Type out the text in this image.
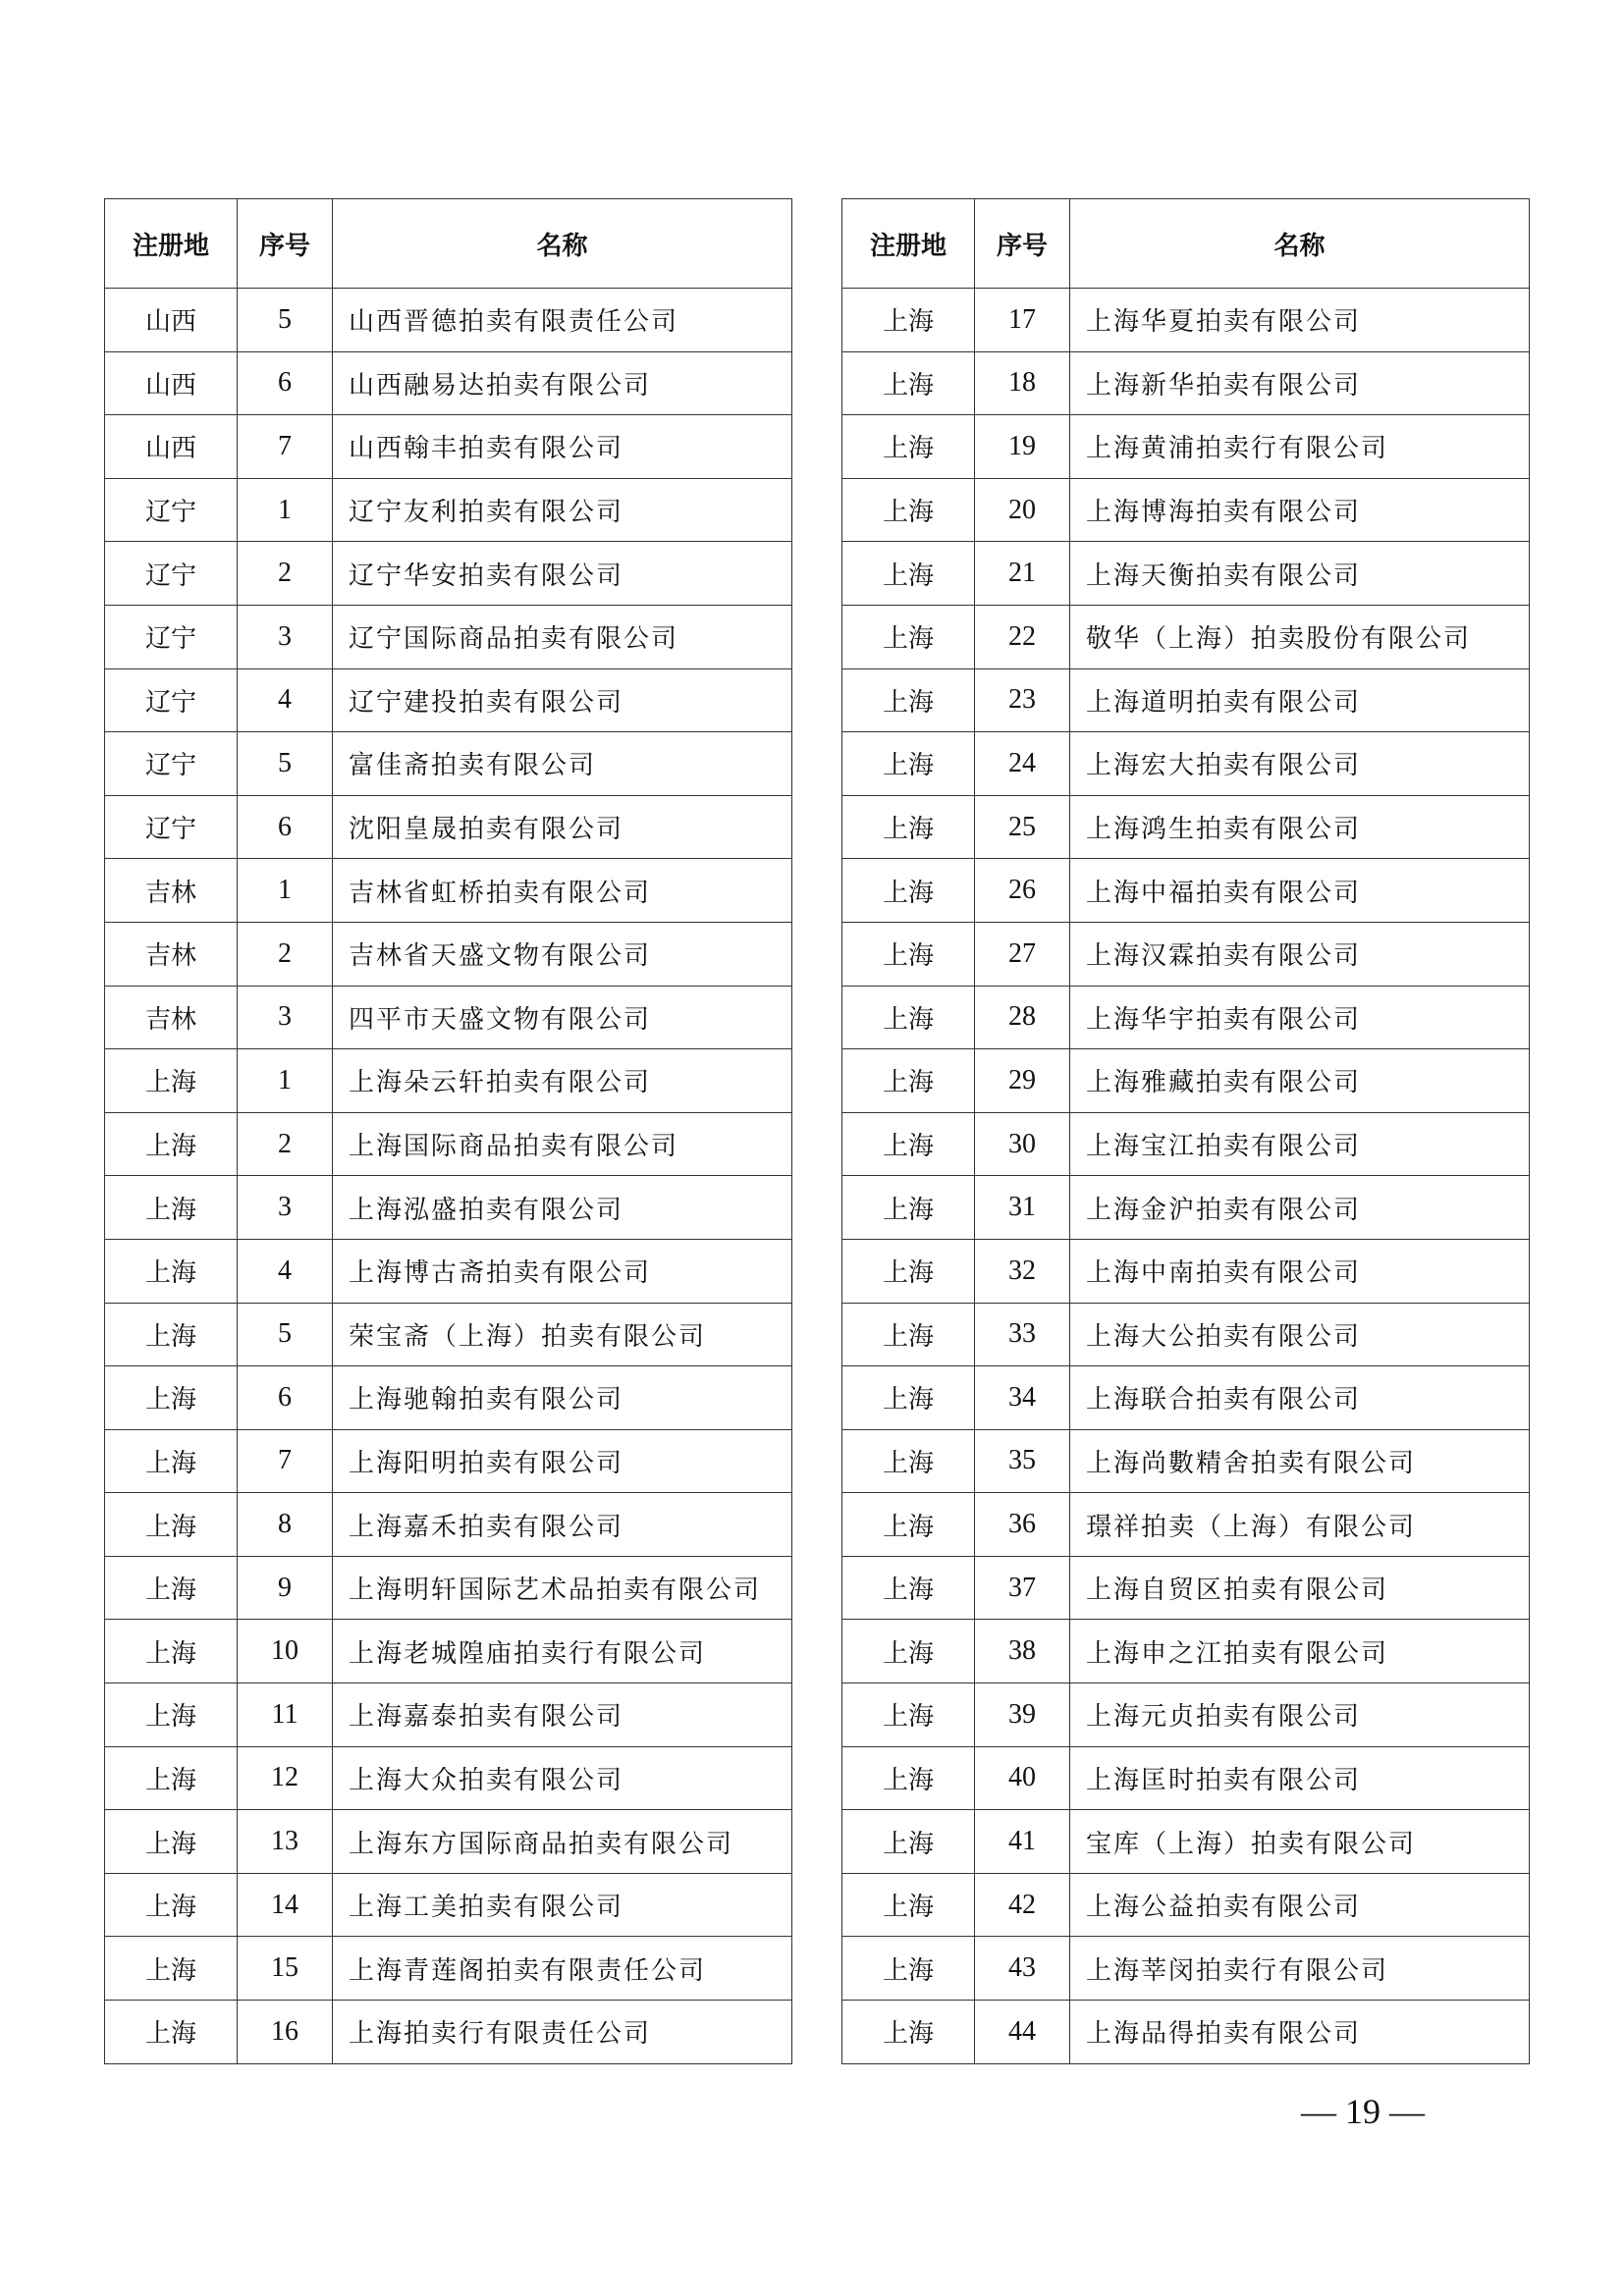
注册地	序号	名称
山西	5	山西晋德拍卖有限责任公司
山西	6	山西融易达拍卖有限公司
山西	7	山西翰丰拍卖有限公司
辽宁	1	辽宁友利拍卖有限公司
辽宁	2	辽宁华安拍卖有限公司
辽宁	3	辽宁国际商品拍卖有限公司
辽宁	4	辽宁建投拍卖有限公司
辽宁	5	富佳斋拍卖有限公司
辽宁	6	沈阳皇晟拍卖有限公司
吉林	1	吉林省虹桥拍卖有限公司
吉林	2	吉林省天盛文物有限公司
吉林	3	四平市天盛文物有限公司
上海	1	上海朵云轩拍卖有限公司
上海	2	上海国际商品拍卖有限公司
上海	3	上海泓盛拍卖有限公司
上海	4	上海博古斋拍卖有限公司
上海	5	荣宝斋（上海）拍卖有限公司
上海	6	上海驰翰拍卖有限公司
上海	7	上海阳明拍卖有限公司
上海	8	上海嘉禾拍卖有限公司
上海	9	上海明轩国际艺术品拍卖有限公司
上海	10	上海老城隍庙拍卖行有限公司
上海	11	上海嘉泰拍卖有限公司
上海	12	上海大众拍卖有限公司
上海	13	上海东方国际商品拍卖有限公司
上海	14	上海工美拍卖有限公司
上海	15	上海青莲阁拍卖有限责任公司
上海	16	上海拍卖行有限责任公司
注册地	序号	名称
上海	17	上海华夏拍卖有限公司
上海	18	上海新华拍卖有限公司
上海	19	上海黄浦拍卖行有限公司
上海	20	上海博海拍卖有限公司
上海	21	上海天衡拍卖有限公司
上海	22	敬华（上海）拍卖股份有限公司
上海	23	上海道明拍卖有限公司
上海	24	上海宏大拍卖有限公司
上海	25	上海鸿生拍卖有限公司
上海	26	上海中福拍卖有限公司
上海	27	上海汉霖拍卖有限公司
上海	28	上海华宇拍卖有限公司
上海	29	上海雅藏拍卖有限公司
上海	30	上海宝江拍卖有限公司
上海	31	上海金沪拍卖有限公司
上海	32	上海中南拍卖有限公司
上海	33	上海大公拍卖有限公司
上海	34	上海联合拍卖有限公司
上海	35	上海尚數精舍拍卖有限公司
上海	36	璟祥拍卖（上海）有限公司
上海	37	上海自贸区拍卖有限公司
上海	38	上海申之江拍卖有限公司
上海	39	上海元贞拍卖有限公司
上海	40	上海匡时拍卖有限公司
上海	41	宝库（上海）拍卖有限公司
上海	42	上海公益拍卖有限公司
上海	43	上海莘闵拍卖行有限公司
上海	44	上海品得拍卖有限公司
— 19 —
